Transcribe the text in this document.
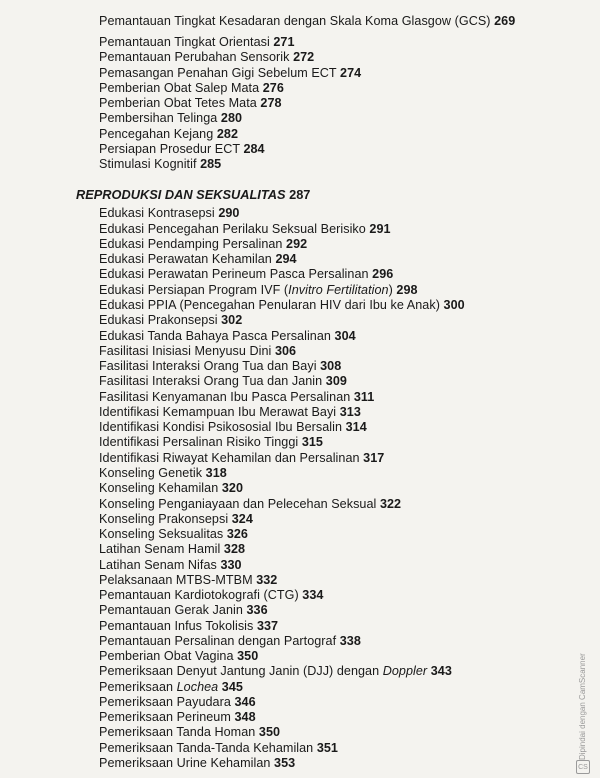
Pemantauan Tingkat Kesadaran dengan Skala Koma Glasgow (GCS) 269
Pemantauan Tingkat Orientasi 271
Pemantauan Perubahan Sensorik 272
Pemasangan Penahan Gigi Sebelum ECT 274
Pemberian Obat Salep Mata 276
Pemberian Obat Tetes Mata 278
Pembersihan Telinga 280
Pencegahan Kejang 282
Persiapan Prosedur ECT 284
Stimulasi Kognitif 285
REPRODUKSI DAN SEKSUALITAS 287
Edukasi Kontrasepsi 290
Edukasi Pencegahan Perilaku Seksual Berisiko 291
Edukasi Pendamping Persalinan 292
Edukasi Perawatan Kehamilan 294
Edukasi Perawatan Perineum Pasca Persalinan 296
Edukasi Persiapan Program IVF (Invitro Fertilitation) 298
Edukasi PPIA (Pencegahan Penularan HIV dari Ibu ke Anak) 300
Edukasi Prakonsepsi 302
Edukasi Tanda Bahaya Pasca Persalinan 304
Fasilitasi Inisiasi Menyusu Dini 306
Fasilitasi Interaksi Orang Tua dan Bayi 308
Fasilitasi Interaksi Orang Tua dan Janin 309
Fasilitasi Kenyamanan Ibu Pasca Persalinan 311
Identifikasi Kemampuan Ibu Merawat Bayi 313
Identifikasi Kondisi Psikososial Ibu Bersalin 314
Identifikasi Persalinan Risiko Tinggi 315
Identifikasi Riwayat Kehamilan dan Persalinan 317
Konseling Genetik 318
Konseling Kehamilan 320
Konseling Penganiayaan dan Pelecehan Seksual 322
Konseling Prakonsepsi 324
Konseling Seksualitas 326
Latihan Senam Hamil 328
Latihan Senam Nifas 330
Pelaksanaan MTBS-MTBM 332
Pemantauan Kardiotokografi (CTG) 334
Pemantauan Gerak Janin 336
Pemantauan Infus Tokolisis 337
Pemantauan Persalinan dengan Partograf 338
Pemberian Obat Vagina 350
Pemeriksaan Denyut Jantung Janin (DJJ) dengan Doppler 343
Pemeriksaan Lochea 345
Pemeriksaan Payudara 346
Pemeriksaan Perineum 348
Pemeriksaan Tanda Homan 350
Pemeriksaan Tanda-Tanda Kehamilan 351
Pemeriksaan Urine Kehamilan 353	CS
Dipindai dengan CamScanner
